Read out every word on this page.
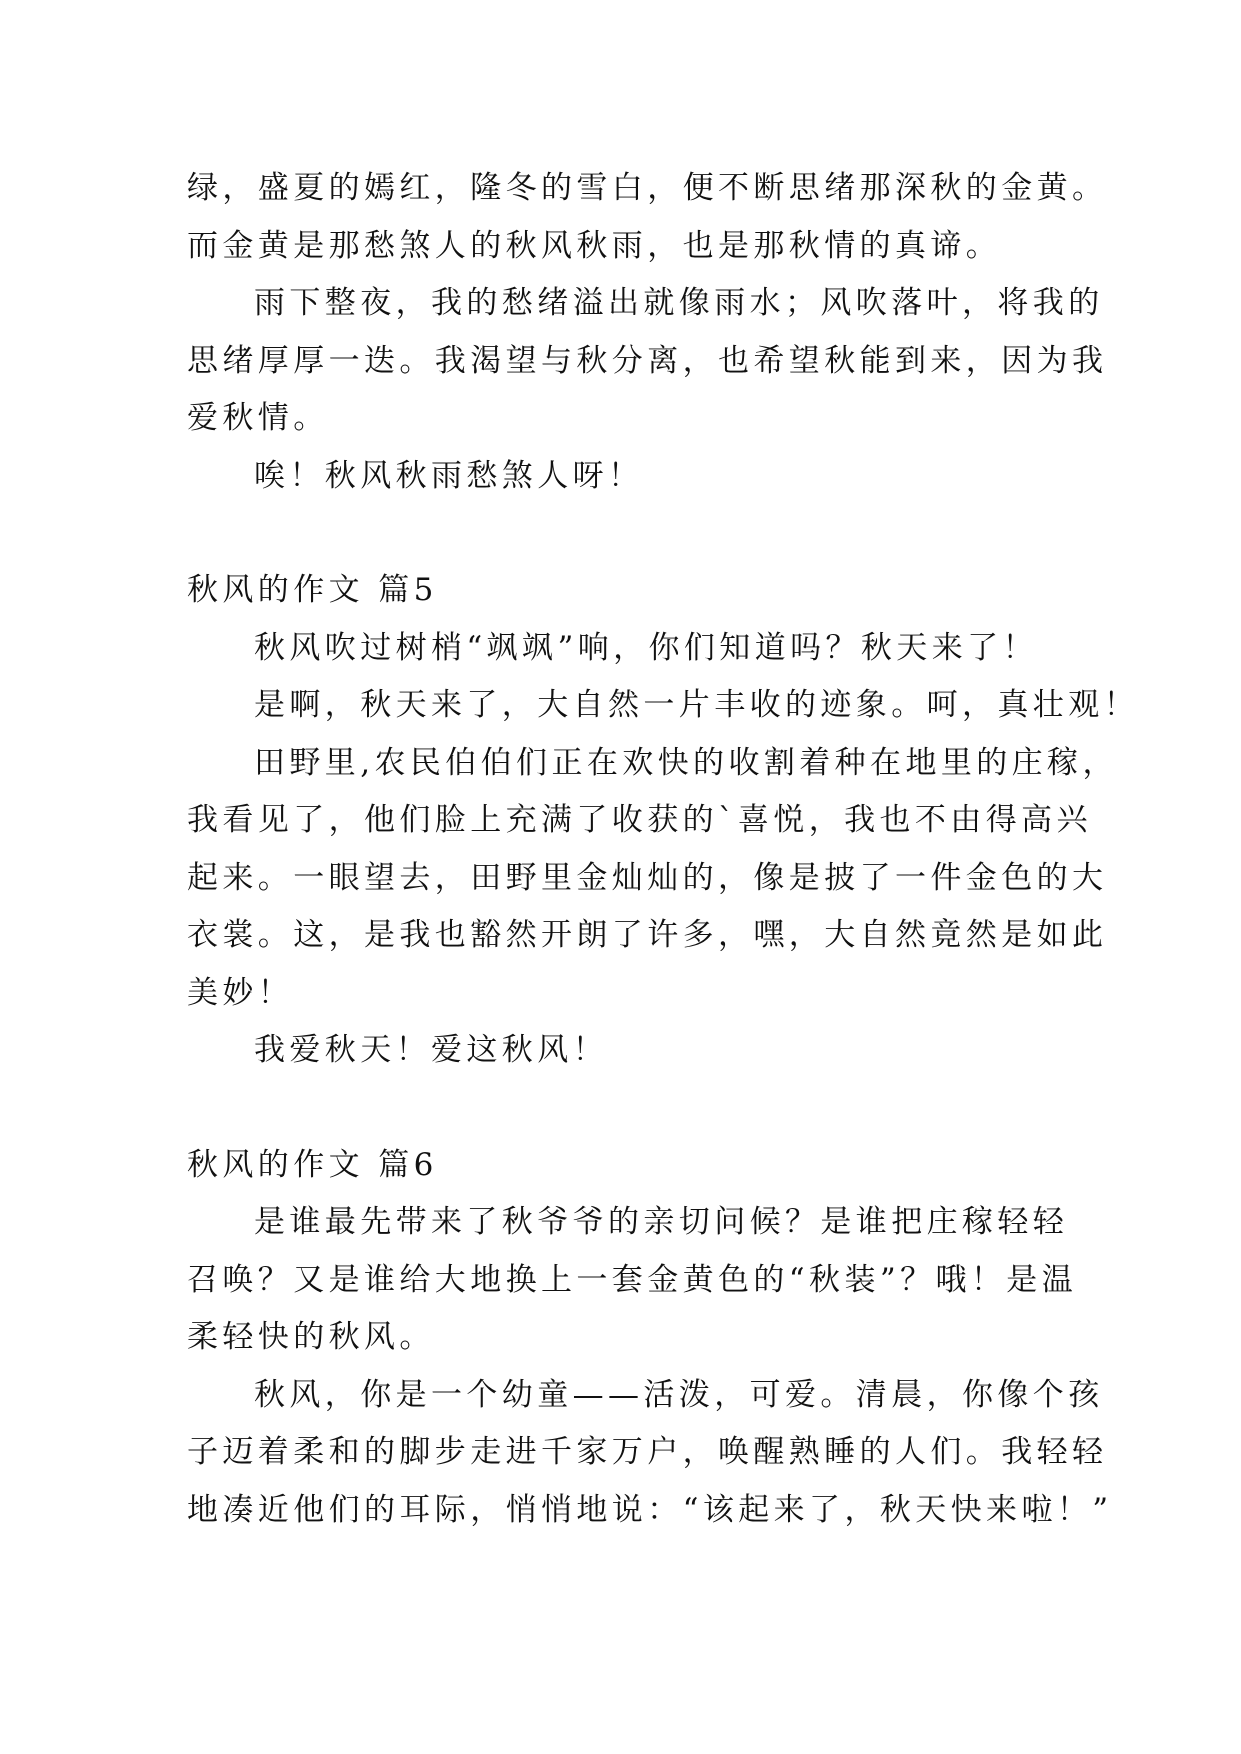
绿，盛夏的嫣红，隆冬的雪白，便不断思绪那深秋的金黄。
而金黄是那愁煞人的秋风秋雨，也是那秋情的真谛。
雨下整夜，我的愁绪溢出就像雨水；风吹落叶，将我的
思绪厚厚一迭。我渴望与秋分离，也希望秋能到来，因为我
爱秋情。
唉！秋风秋雨愁煞人呀！
秋风的作文 篇5
秋风吹过树梢“飒飒”响，你们知道吗？秋天来了！
是啊，秋天来了，大自然一片丰收的迹象。呵，真壮观！
田野里,农民伯伯们正在欢快的收割着种在地里的庄稼，
我看见了，他们脸上充满了收获的`喜悦，我也不由得高兴
起来。一眼望去，田野里金灿灿的，像是披了一件金色的大
衣裳。这，是我也豁然开朗了许多，嘿，大自然竟然是如此
美妙！
我爱秋天！爱这秋风！
秋风的作文 篇6
是谁最先带来了秋爷爷的亲切问候？是谁把庄稼轻轻
召唤？又是谁给大地换上一套金黄色的“秋装”？哦！是温
柔轻快的秋风。
秋风，你是一个幼童——活泼，可爱。清晨，你像个孩
子迈着柔和的脚步走进千家万户，唤醒熟睡的人们。我轻轻
地凑近他们的耳际，悄悄地说：“该起来了，秋天快来啦！”
